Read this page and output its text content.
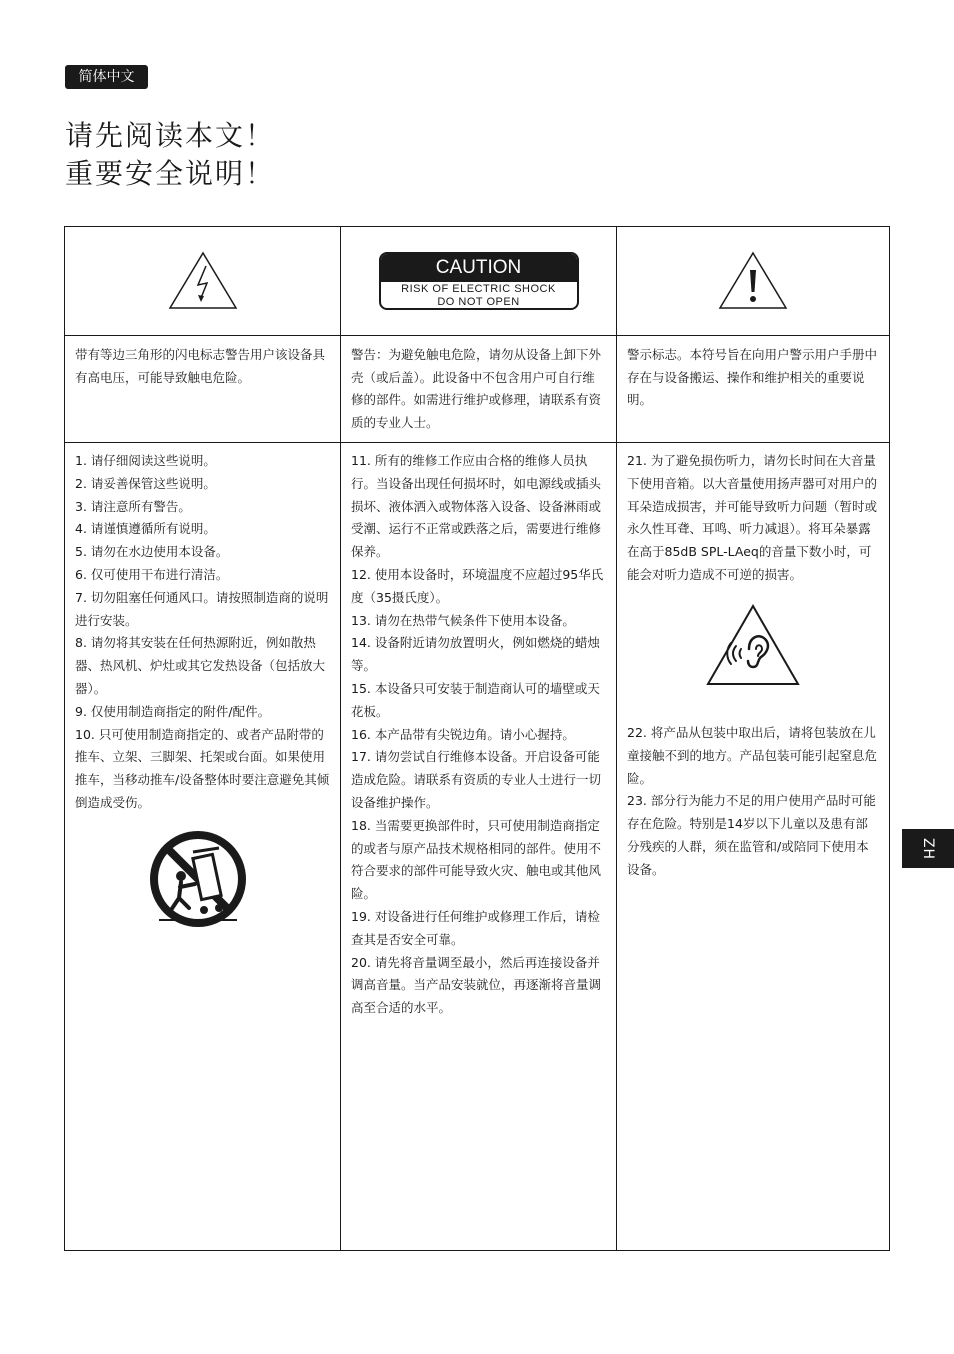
简体中文
请先阅读本文！
重要安全说明！
CAUTION
RISK OF ELECTRIC SHOCK
DO NOT OPEN
带有等边三角形的闪电标志警告用户该设备具有高电压，可能导致触电危险。
警告：为避免触电危险，请勿从设备上卸下外壳（或后盖）。此设备中不包含用户可自行维修的部件。如需进行维护或修理，请联系有资质的专业人士。
警示标志。本符号旨在向用户警示用户手册中存在与设备搬运、操作和维护相关的重要说明。
1. 请仔细阅读这些说明。
2. 请妥善保管这些说明。
3. 请注意所有警告。
4. 请谨慎遵循所有说明。
5. 请勿在水边使用本设备。
6. 仅可使用干布进行清洁。
7. 切勿阻塞任何通风口。请按照制造商的说明进行安装。
8. 请勿将其安装在任何热源附近，例如散热器、热风机、炉灶或其它发热设备（包括放大器）。
9. 仅使用制造商指定的附件/配件。
10. 只可使用制造商指定的、或者产品附带的推车、立架、三脚架、托架或台面。如果使用推车，当移动推车/设备整体时要注意避免其倾倒造成受伤。
11. 所有的维修工作应由合格的维修人员执行。当设备出现任何损坏时，如电源线或插头损坏、液体洒入或物体落入设备、设备淋雨或受潮、运行不正常或跌落之后，需要进行维修保养。
12. 使用本设备时，环境温度不应超过95华氏度（35摄氏度）。
13. 请勿在热带气候条件下使用本设备。
14. 设备附近请勿放置明火，例如燃烧的蜡烛等。
15. 本设备只可安装于制造商认可的墙壁或天花板。
16. 本产品带有尖锐边角。请小心握持。
17. 请勿尝试自行维修本设备。开启设备可能造成危险。请联系有资质的专业人士进行一切设备维护操作。
18. 当需要更换部件时，只可使用制造商指定的或者与原产品技术规格相同的部件。使用不符合要求的部件可能导致火灾、触电或其他风险。
19. 对设备进行任何维护或修理工作后，请检查其是否安全可靠。
20. 请先将音量调至最小，然后再连接设备并调高音量。当产品安装就位，再逐渐将音量调高至合适的水平。
21. 为了避免损伤听力，请勿长时间在大音量下使用音箱。以大音量使用扬声器可对用户的耳朵造成损害，并可能导致听力问题（暂时或永久性耳聋、耳鸣、听力减退）。将耳朵暴露在高于85dB SPL-LAeq的音量下数小时，可能会对听力造成不可逆的损害。
22. 将产品从包装中取出后，请将包装放在儿童接触不到的地方。产品包装可能引起窒息危险。
23. 部分行为能力不足的用户使用产品时可能存在危险。特别是14岁以下儿童以及患有部分残疾的人群，须在监管和/或陪同下使用本设备。
ZH
